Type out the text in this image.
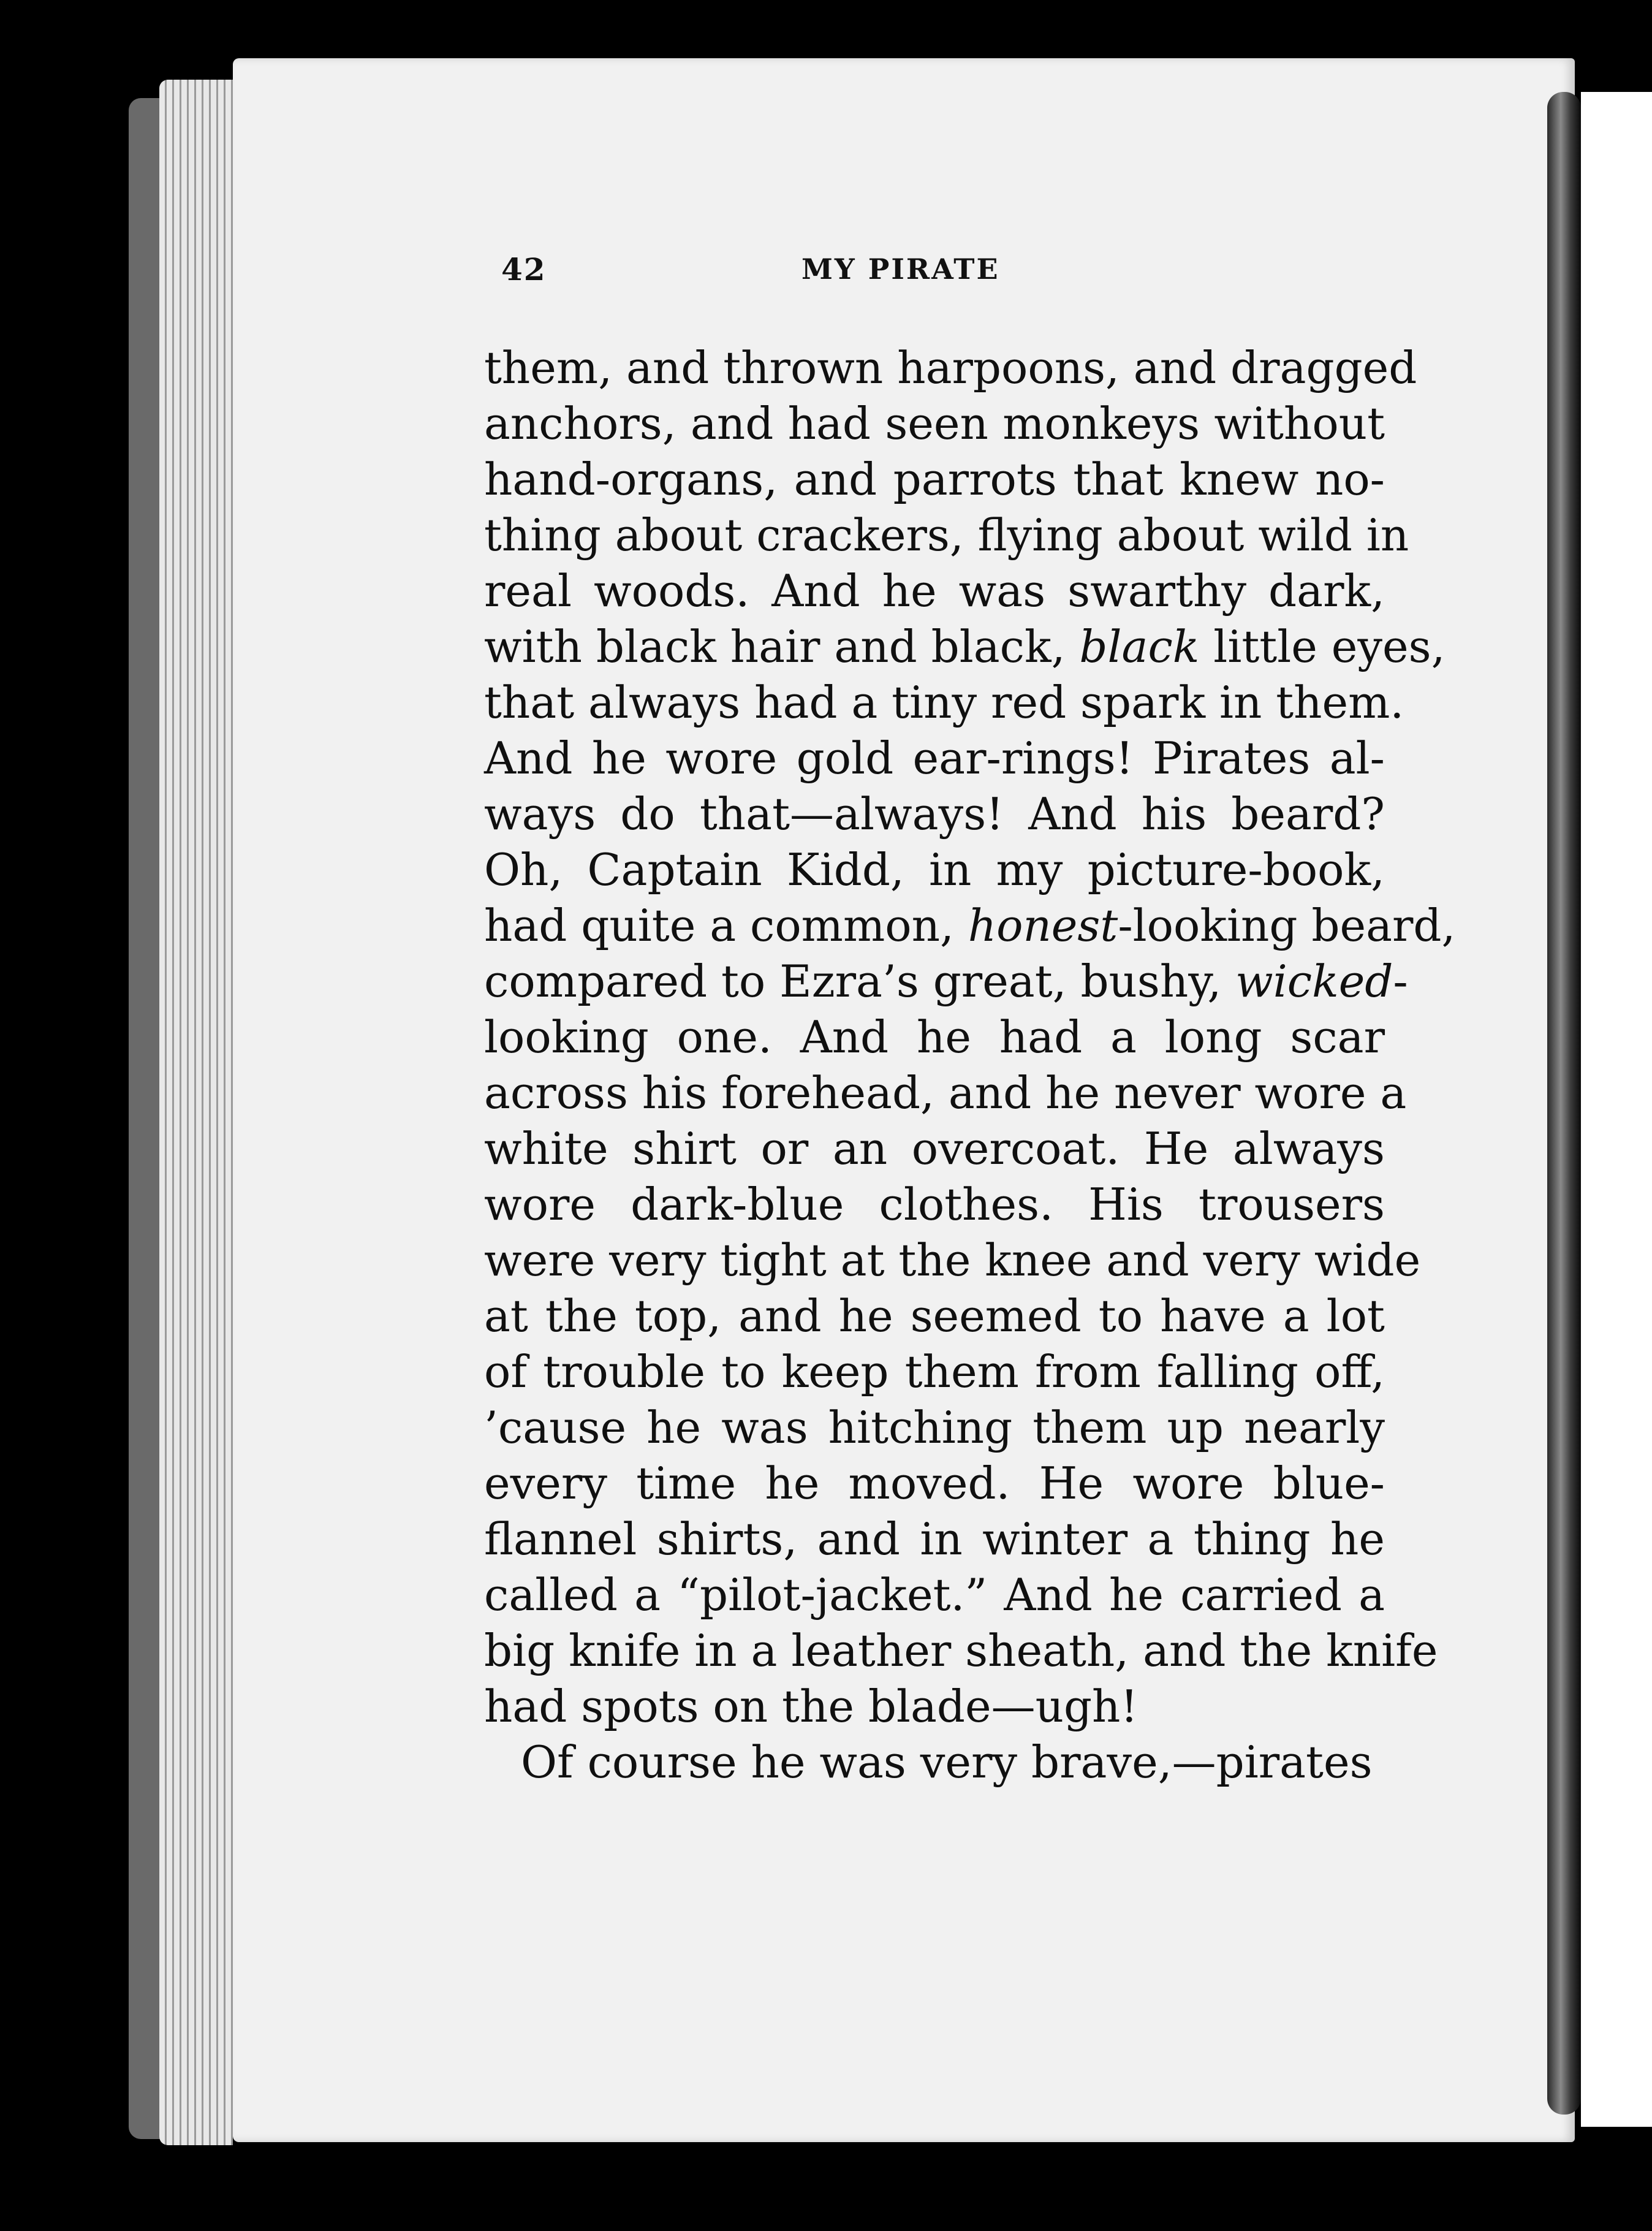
42	MY PIRATE
them, and thrown harpoons, and dragged
anchors, and had seen monkeys without
hand-organs, and parrots that knew no-
thing about crackers, flying about wild in
real woods. And he was swarthy dark,
with black hair and black, black little eyes,
that always had a tiny red spark in them.
And he wore gold ear-rings! Pirates al-
ways do that—always! And his beard?
Oh, Captain Kidd, in my picture-book,
had quite a common, honest-looking beard,
compared to Ezra’s great, bushy, wicked-
looking one. And he had a long scar
across his forehead, and he never wore a
white shirt or an overcoat. He always
wore dark-blue clothes. His trousers
were very tight at the knee and very wide
at the top, and he seemed to have a lot
of trouble to keep them from falling off,
’cause he was hitching them up nearly
every time he moved. He wore blue-
flannel shirts, and in winter a thing he
called a “pilot-jacket.” And he carried a
big knife in a leather sheath, and the knife
had spots on the blade—ugh!
Of course he was very brave,—pirates
